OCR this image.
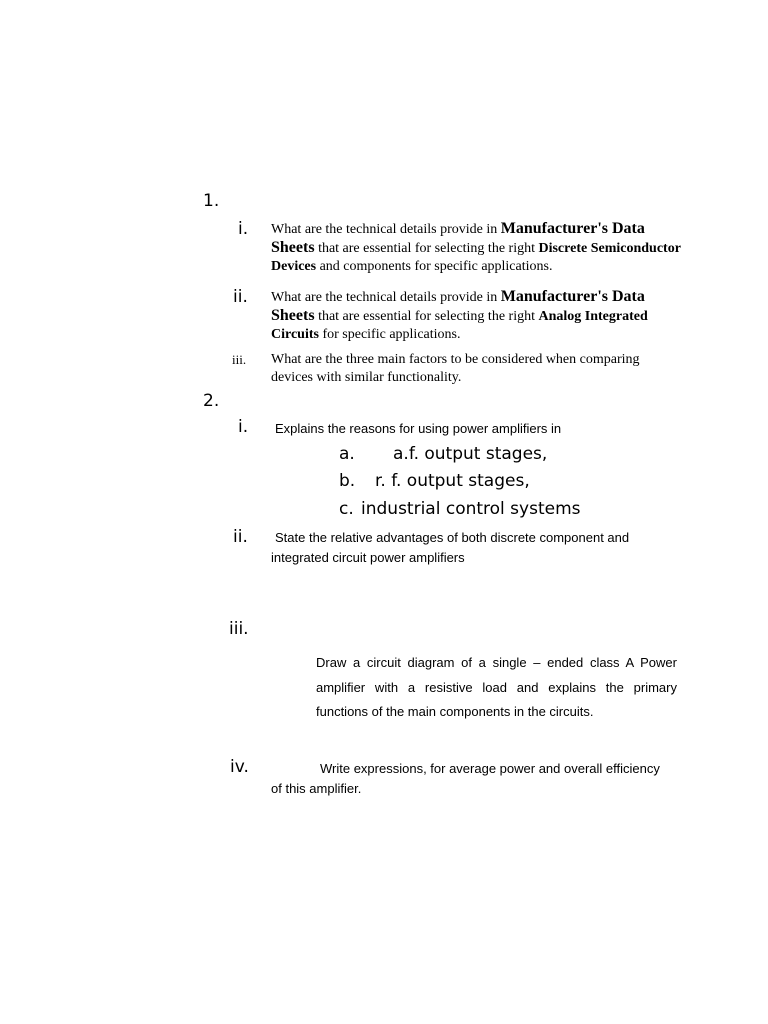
1.
i. What are the technical details provide in Manufacturer's Data Sheets that are essential for selecting the right Discrete Semiconductor Devices and components for specific applications.
ii. What are the technical details provide in Manufacturer's Data Sheets that are essential for selecting the right Analog Integrated Circuits for specific applications.
iii. What are the three main factors to be considered when comparing devices with similar functionality.
2.
i. Explains the reasons for using power amplifiers in
a. a.f. output stages,
b. r. f. output stages,
c. industrial control systems
ii.	State the relative advantages of both discrete component and integrated circuit power amplifiers
iii.
Draw a circuit diagram of a single – ended class A Power amplifier with a resistive load and explains the primary functions of the main components in the circuits.
iv.	Write expressions, for average power and overall efficiency of this amplifier.
